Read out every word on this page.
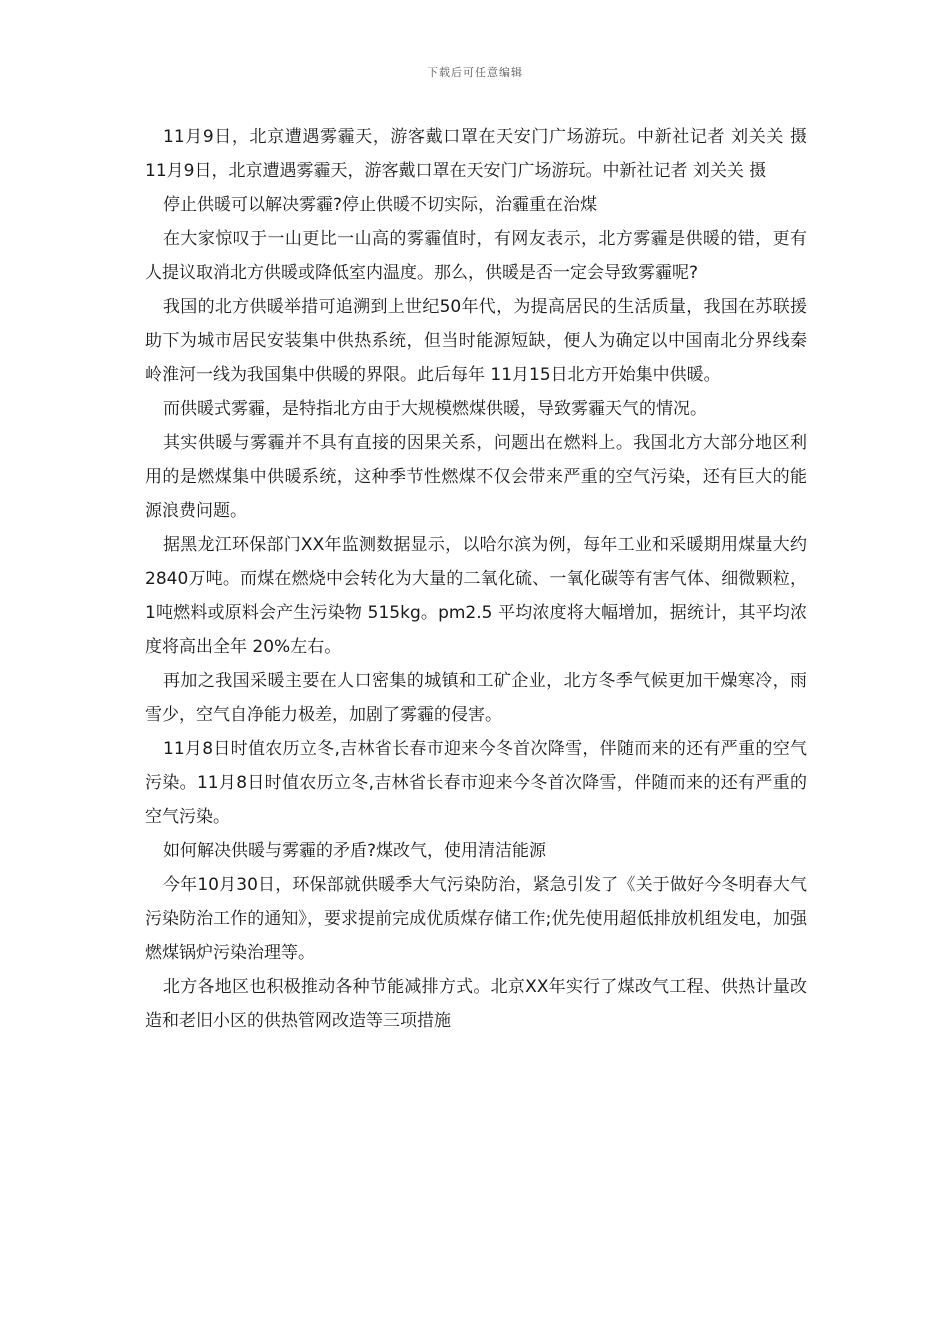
下载后可任意编辑

11月9日，北京遭遇雾霾天，游客戴口罩在天安门广场游玩。中新社记者 刘关关 摄 11月9日，北京遭遇雾霾天，游客戴口罩在天安门广场游玩。中新社记者 刘关关 摄

停止供暖可以解决雾霾?停止供暖不切实际，治霾重在治煤

在大家惊叹于一山更比一山高的雾霾值时，有网友表示，北方雾霾是供暖的错，更有人提议取消北方供暖或降低室内温度。那么，供暖是否一定会导致雾霾呢?

我国的北方供暖举措可追溯到上世纪50年代，为提高居民的生活质量，我国在苏联援助下为城市居民安装集中供热系统，但当时能源短缺，便人为确定以中国南北分界线秦岭淮河一线为我国集中供暖的界限。此后每年 11月15日北方开始集中供暖。

而供暖式雾霾，是特指北方由于大规模燃煤供暖，导致雾霾天气的情况。

其实供暖与雾霾并不具有直接的因果关系，问题出在燃料上。我国北方大部分地区利用的是燃煤集中供暖系统，这种季节性燃煤不仅会带来严重的空气污染，还有巨大的能源浪费问题。

据黑龙江环保部门XX年监测数据显示，以哈尔滨为例，每年工业和采暖期用煤量大约2840万吨。而煤在燃烧中会转化为大量的二氧化硫、一氧化碳等有害气体、细微颗粒，1吨燃料或原料会产生污染物 515kg。pm2.5 平均浓度将大幅增加，据统计，其平均浓度将高出全年 20%左右。

再加之我国采暖主要在人口密集的城镇和工矿企业，北方冬季气候更加干燥寒冷，雨雪少，空气自净能力极差，加剧了雾霾的侵害。

11月8日时值农历立冬,吉林省长春市迎来今冬首次降雪，伴随而来的还有严重的空气污染。11月8日时值农历立冬,吉林省长春市迎来今冬首次降雪，伴随而来的还有严重的空气污染。

如何解决供暖与雾霾的矛盾?煤改气，使用清洁能源

今年10月30日，环保部就供暖季大气污染防治，紧急引发了《关于做好今冬明春大气污染防治工作的通知》，要求提前完成优质煤存储工作;优先使用超低排放机组发电，加强燃煤锅炉污染治理等。

北方各地区也积极推动各种节能减排方式。北京XX年实行了煤改气工程、供热计量改造和老旧小区的供热管网改造等三项措施
